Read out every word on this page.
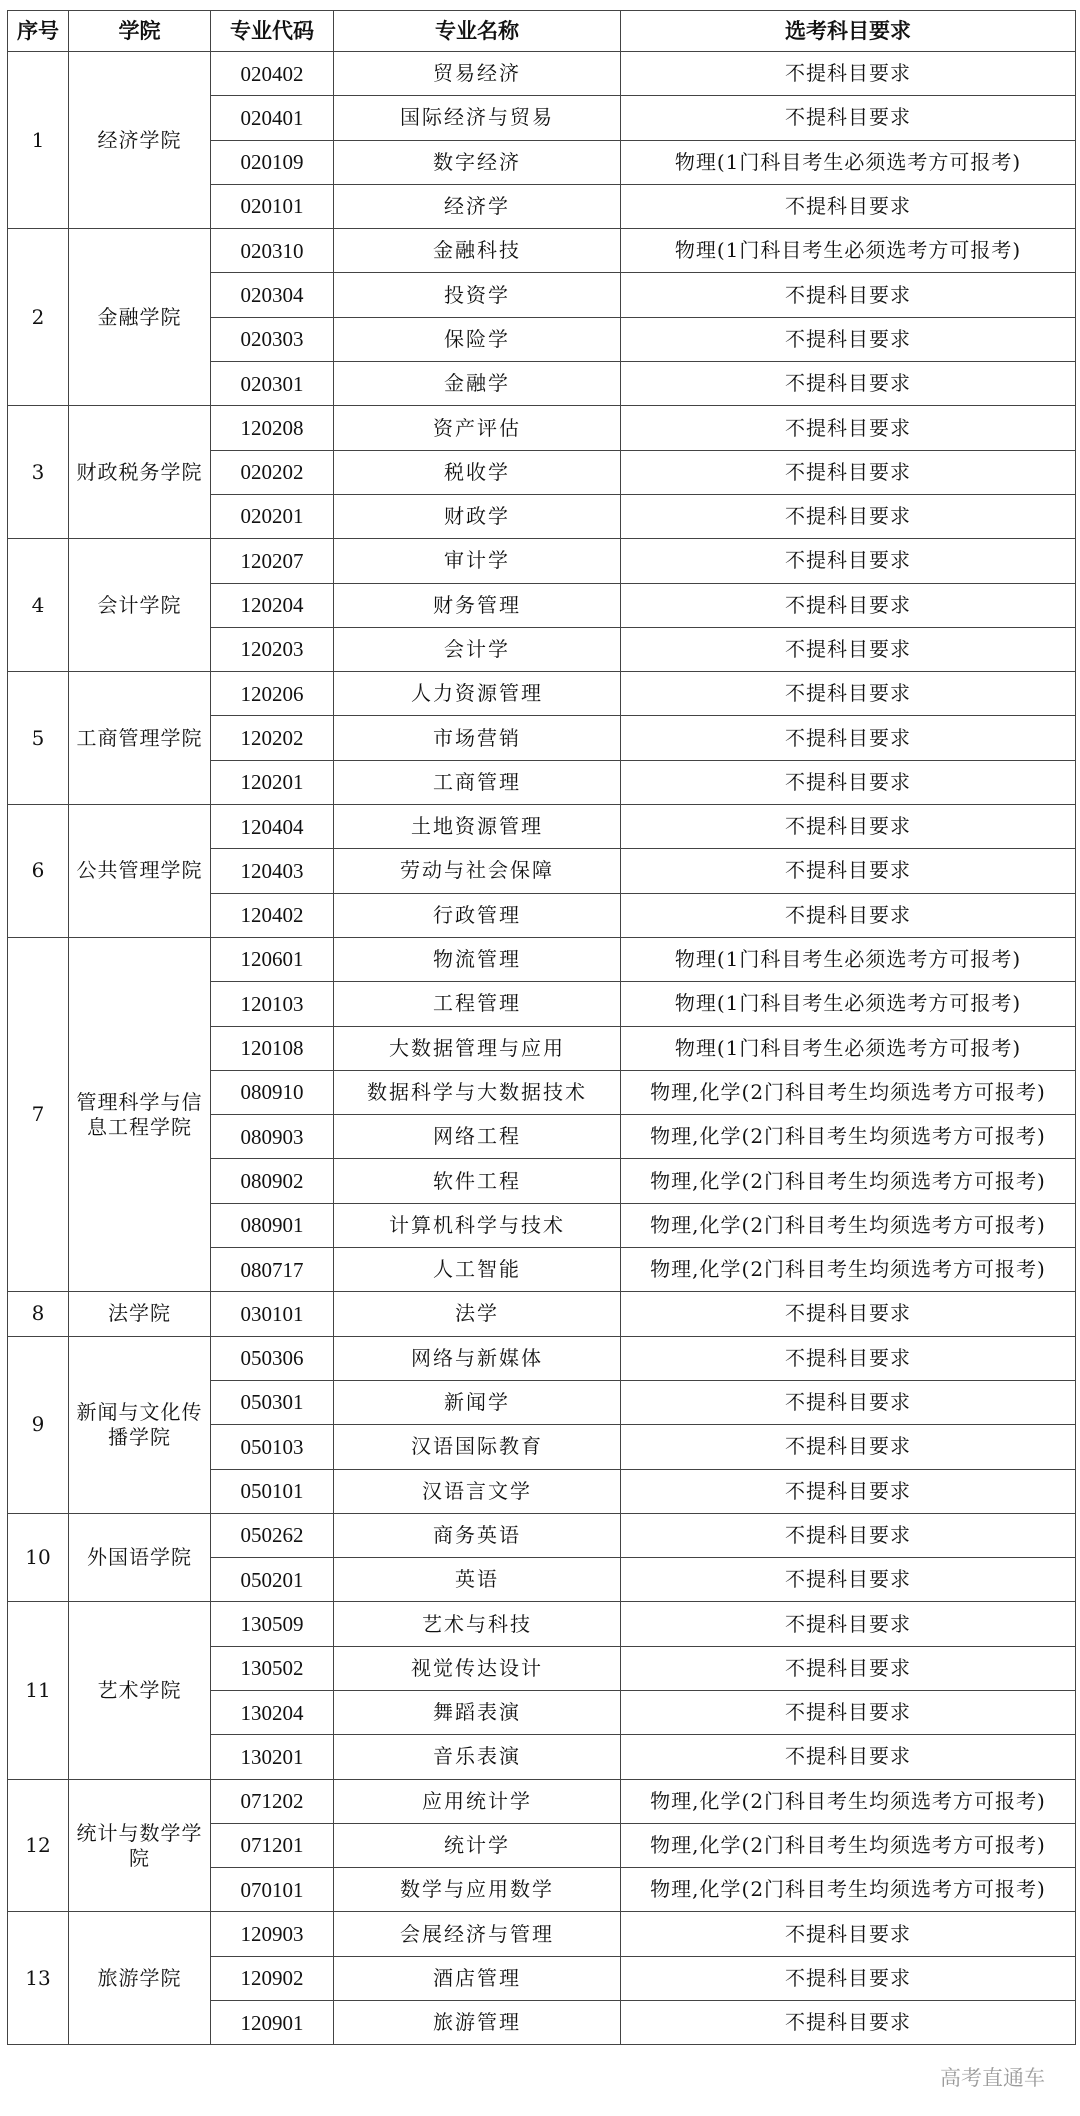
序号	学院	专业代码	专业名称	选考科目要求
1	经济学院	020402	贸易经济	不提科目要求
		020401	国际经济与贸易	不提科目要求
		020109	数字经济	物理(1门科目考生必须选考方可报考)
		020101	经济学	不提科目要求
2	金融学院	020310	金融科技	物理(1门科目考生必须选考方可报考)
		020304	投资学	不提科目要求
		020303	保险学	不提科目要求
		020301	金融学	不提科目要求
3	财政税务学院	120208	资产评估	不提科目要求
		020202	税收学	不提科目要求
		020201	财政学	不提科目要求
4	会计学院	120207	审计学	不提科目要求
		120204	财务管理	不提科目要求
		120203	会计学	不提科目要求
5	工商管理学院	120206	人力资源管理	不提科目要求
		120202	市场营销	不提科目要求
		120201	工商管理	不提科目要求
6	公共管理学院	120404	土地资源管理	不提科目要求
		120403	劳动与社会保障	不提科目要求
		120402	行政管理	不提科目要求
7	管理科学与信息工程学院	120601	物流管理	物理(1门科目考生必须选考方可报考)
		120103	工程管理	物理(1门科目考生必须选考方可报考)
		120108	大数据管理与应用	物理(1门科目考生必须选考方可报考)
		080910	数据科学与大数据技术	物理,化学(2门科目考生均须选考方可报考)
		080903	网络工程	物理,化学(2门科目考生均须选考方可报考)
		080902	软件工程	物理,化学(2门科目考生均须选考方可报考)
		080901	计算机科学与技术	物理,化学(2门科目考生均须选考方可报考)
		080717	人工智能	物理,化学(2门科目考生均须选考方可报考)
8	法学院	030101	法学	不提科目要求
9	新闻与文化传播学院	050306	网络与新媒体	不提科目要求
		050301	新闻学	不提科目要求
		050103	汉语国际教育	不提科目要求
		050101	汉语言文学	不提科目要求
10	外国语学院	050262	商务英语	不提科目要求
		050201	英语	不提科目要求
11	艺术学院	130509	艺术与科技	不提科目要求
		130502	视觉传达设计	不提科目要求
		130204	舞蹈表演	不提科目要求
		130201	音乐表演	不提科目要求
12	统计与数学学院	071202	应用统计学	物理,化学(2门科目考生均须选考方可报考)
		071201	统计学	物理,化学(2门科目考生均须选考方可报考)
		070101	数学与应用数学	物理,化学(2门科目考生均须选考方可报考)
13	旅游学院	120903	会展经济与管理	不提科目要求
		120902	酒店管理	不提科目要求
		120901	旅游管理	不提科目要求
高考直通车
